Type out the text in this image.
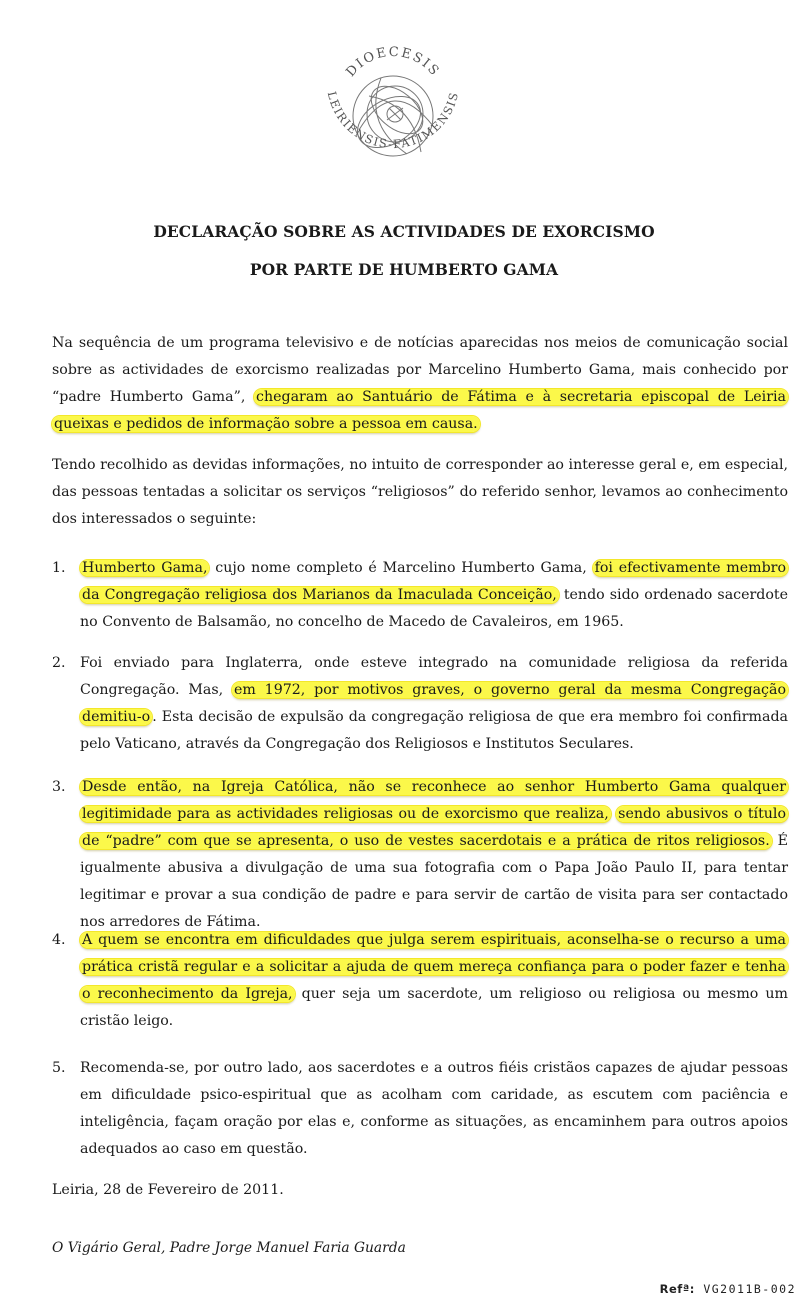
DIOECESIS
LEIRIENSIS-FATIMENSIS
DECLARAÇÃO SOBRE AS ACTIVIDADES DE EXORCISMO
POR PARTE DE HUMBERTO GAMA
Na sequência de um programa televisivo e de notícias aparecidas nos meios de comunicação social sobre as actividades de exorcismo realizadas por Marcelino Humberto Gama, mais conhecido por “padre Humberto Gama”, chegaram ao Santuário de Fátima e à secretaria episcopal de Leiria queixas e pedidos de informação sobre a pessoa em causa.
Tendo recolhido as devidas informações, no intuito de corresponder ao interesse geral e, em especial, das pessoas tentadas a solicitar os serviços “religiosos” do referido senhor, levamos ao conhecimento dos interessados o seguinte:
1.	Humberto Gama, cujo nome completo é Marcelino Humberto Gama, foi efectivamente membro da Congregação religiosa dos Marianos da Imaculada Conceição, tendo sido ordenado sacerdote no Convento de Balsamão, no concelho de Macedo de Cavaleiros, em 1965.
2.	Foi enviado para Inglaterra, onde esteve integrado na comunidade religiosa da referida Congregação. Mas, em 1972, por motivos graves, o governo geral da mesma Congregação demitiu-o . Esta decisão de expulsão da congregação religiosa de que era membro foi confirmada pelo Vaticano, através da Congregação dos Religiosos e Institutos Seculares.
3.	Desde então, na Igreja Católica, não se reconhece ao senhor Humberto Gama qualquer legitimidade para as actividades religiosas ou de exorcismo que realiza, sendo abusivos o título de “padre” com que se apresenta, o uso de vestes sacerdotais e a prática de ritos religiosos. É igualmente abusiva a divulgação de uma sua fotografia com o Papa João Paulo II, para tentar legitimar e provar a sua condição de padre e para servir de cartão de visita para ser contactado nos arredores de Fátima.
4.	A quem se encontra em dificuldades que julga serem espirituais, aconselha-se o recurso a uma prática cristã regular e a solicitar a ajuda de quem mereça confiança para o poder fazer e tenha o reconhecimento da Igreja, quer seja um sacerdote, um religioso ou religiosa ou mesmo um cristão leigo.
5.	Recomenda-se, por outro lado, aos sacerdotes e a outros fiéis cristãos capazes de ajudar pessoas em dificuldade psico-espiritual que as acolham com caridade, as escutem com paciência e inteligência, façam oração por elas e, conforme as situações, as encaminhem para outros apoios adequados ao caso em questão.
Leiria, 28 de Fevereiro de 2011.
O Vigário Geral, Padre Jorge Manuel Faria Guarda
Refª: VG2011B-002
